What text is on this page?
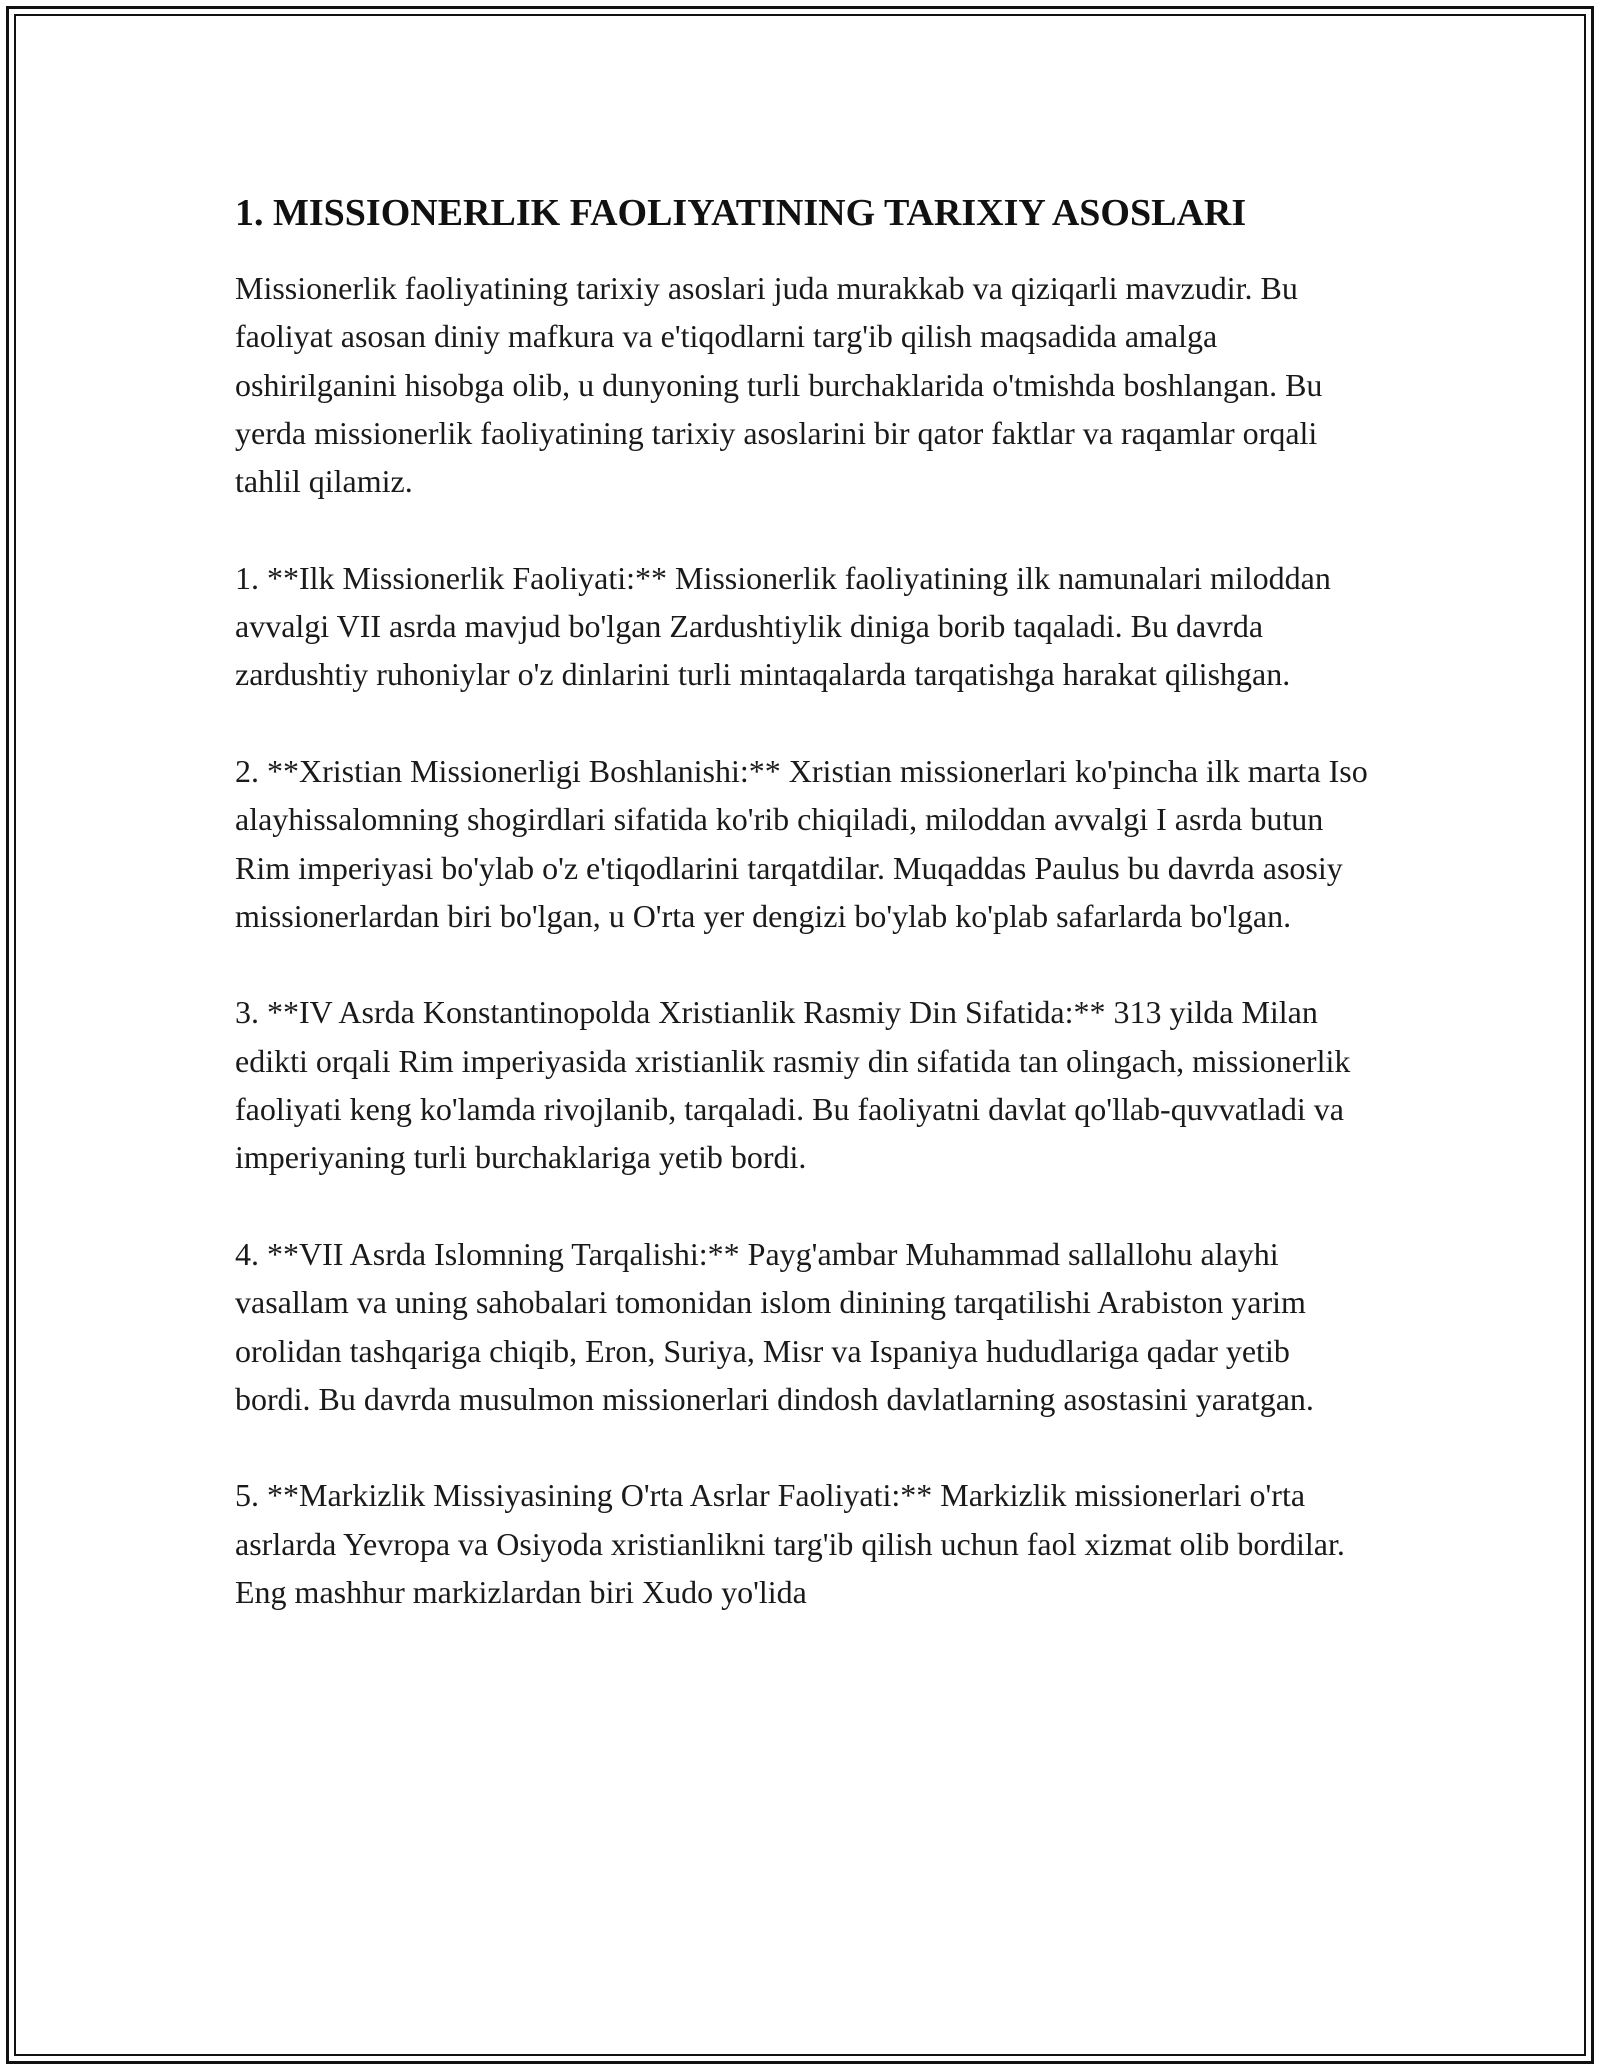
1. MISSIONERLIK FAOLIYATINING TARIXIY ASOSLARI

Missionerlik faoliyatining tarixiy asoslari juda murakkab va qiziqarli mavzudir. Bu faoliyat asosan diniy mafkura va e'tiqodlarni targ'ib qilish maqsadida amalga oshirilganini hisobga olib, u dunyoning turli burchaklarida o'tmishda boshlangan. Bu yerda missionerlik faoliyatining tarixiy asoslarini bir qator faktlar va raqamlar orqali tahlil qilamiz.

1. **Ilk Missionerlik Faoliyati:** Missionerlik faoliyatining ilk namunalari miloddan avvalgi VII asrda mavjud bo'lgan Zardushtiylik diniga borib taqaladi. Bu davrda zardushtiy ruhoniylar o'z dinlarini turli mintaqalarda tarqatishga harakat qilishgan.

2. **Xristian Missionerligi Boshlanishi:** Xristian missionerlari ko'pincha ilk marta Iso alayhissalomning shogirdlari sifatida ko'rib chiqiladi, miloddan avvalgi I asrda butun Rim imperiyasi bo'ylab o'z e'tiqodlarini tarqatdilar. Muqaddas Paulus bu davrda asosiy missionerlardan biri bo'lgan, u O'rta yer dengizi bo'ylab ko'plab safarlarda bo'lgan.

3. **IV Asrda Konstantinopolda Xristianlik Rasmiy Din Sifatida:** 313 yilda Milan edikti orqali Rim imperiyasida xristianlik rasmiy din sifatida tan olingach, missionerlik faoliyati keng ko'lamda rivojlanib, tarqaladi. Bu faoliyatni davlat qo'llab-quvvatladi va imperiyaning turli burchaklariga yetib bordi.

4. **VII Asrda Islomning Tarqalishi:** Payg'ambar Muhammad sallallohu alayhi vasallam va uning sahobalari tomonidan islom dinining tarqatilishi Arabiston yarim orolidan tashqariga chiqib, Eron, Suriya, Misr va Ispaniya hududlariga qadar yetib bordi. Bu davrda musulmon missionerlari dindosh davlatlarning asostasini yaratgan.

5. **Markizlik Missiyasining O'rta Asrlar Faoliyati:** Markizlik missionerlari o'rta asrlarda Yevropa va Osiyoda xristianlikni targ'ib qilish uchun faol xizmat olib bordilar. Eng mashhur markizlardan biri Xudo yo'lida
